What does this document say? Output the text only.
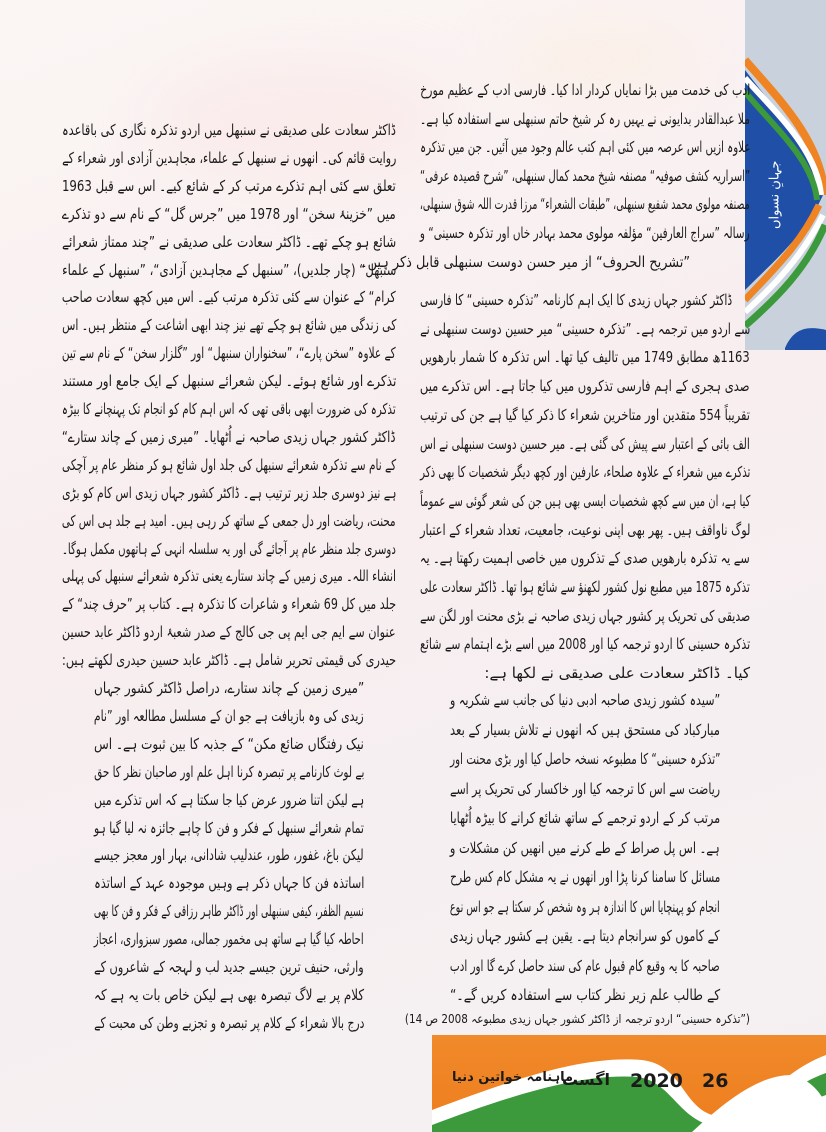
جہانِ نسواں
ادب کی خدمت میں بڑا نمایاں کردار ادا کیا۔ فارسی ادب کے عظیم مورخ
ملا عبدالقادر بدایونی نے یہیں رہ کر شیخ حاتم سنبھلی سے استفادہ کیا ہے۔
علاوہ ازیں اس عرصہ میں کئی اہم کتب عالم وجود میں آئیں۔ جن میں تذکرہ
”اسراریہ کشف صوفیہ“ مصنفہ شیخ محمد کمال سنبھلی، ”شرح قصیدہ عرفی“
مصنفہ مولوی محمد شفیع سنبھلی، ”طبقات الشعراء“ مرزا قدرت اللہ شوق سنبھلی،
رسالہ ”سراج العارفین“ مؤلفہ مولوی محمد بہادر خاں اور تذکرہ حسینی“ و
”تشریح الحروف“ از میر حسن دوست سنبھلی قابل ذکر ہیں۔
ڈاکٹر کشور جہاں زیدی کا ایک اہم کارنامہ ”تذکرہ حسینی“ کا فارسی
سے اردو میں ترجمہ ہے۔ ”تذکرہ حسینی“ میر حسین دوست سنبھلی نے
1163ھ مطابق 1749 میں تالیف کیا تھا۔ اس تذکرہ کا شمار بارھویں
صدی ہجری کے اہم فارسی تذکروں میں کیا جاتا ہے۔ اس تذکرے میں
تقریباً 554 متقدین اور متاخرین شعراء کا ذکر کیا گیا ہے جن کی ترتیب
الف بائی کے اعتبار سے پیش کی گئی ہے۔ میر حسین دوست سنبھلی نے اس
تذکرے میں شعراء کے علاوہ صلحاء، عارفین اور کچھ دیگر شخصیات کا بھی ذکر
کیا ہے، ان میں سے کچھ شخصیات ایسی بھی ہیں جن کی شعر گوئی سے عموماً
لوگ ناواقف ہیں۔ پھر بھی اپنی نوعیت، جامعیت، تعداد شعراء کے اعتبار
سے یہ تذکرہ بارھویں صدی کے تذکروں میں خاصی اہمیت رکھتا ہے۔ یہ
تذکرہ 1875 میں مطبع نول کشور لکھنؤ سے شائع ہوا تھا۔ ڈاکٹر سعادت علی
صدیقی کی تحریک پر کشور جہاں زیدی صاحبہ نے بڑی محنت اور لگن سے
تذکرہ حسینی کا اردو ترجمہ کیا اور 2008 میں اسے بڑے اہتمام سے شائع
کیا۔ ڈاکٹر سعادت علی صدیقی نے لکھا ہے:
”سیدہ کشور زیدی صاحبہ ادبی دنیا کی جانب سے شکریہ و
مبارکباد کی مستحق ہیں کہ انھوں نے تلاش بسیار کے بعد
”تذکرہ حسینی“ کا مطبوعہ نسخہ حاصل کیا اور بڑی محنت اور
ریاضت سے اس کا ترجمہ کیا اور خاکسار کی تحریک پر اسے
مرتب کر کے اردو ترجمے کے ساتھ شائع کرانے کا بیڑہ اُٹھایا
ہے۔ اس پل صراط کے طے کرنے میں انھیں کن مشکلات و
مسائل کا سامنا کرنا پڑا اور انھوں نے یہ مشکل کام کس طرح
انجام کو پہنچایا اس کا اندازہ ہر وہ شخص کر سکتا ہے جو اس نوع
کے کاموں کو سرانجام دیتا ہے۔ یقین ہے کشور جہاں زیدی
صاحبہ کا یہ وقیع کام قبول عام کی سند حاصل کرے گا اور ادب
کے طالب علم زیر نظر کتاب سے استفادہ کریں گے۔“
ڈاکٹر سعادت علی صدیقی نے سنبھل میں اردو تذکرہ نگاری کی باقاعدہ
روایت قائم کی۔ انھوں نے سنبھل کے علماء، مجاہدین آزادی اور شعراء کے
تعلق سے کئی اہم تذکرے مرتب کر کے شائع کیے۔ اس سے قبل 1963
میں ”خزینۂ سخن“ اور 1978 میں ”جرس گل“ کے نام سے دو تذکرے
شائع ہو چکے تھے۔ ڈاکٹر سعادت علی صدیقی نے ”چند ممتاز شعرائے
سنبھل“ (چار جلدیں)، ”سنبھل کے مجاہدین آزادی“، ”سنبھل کے علماء
کرام“ کے عنوان سے کئی تذکرہ مرتب کیے۔ اس میں کچھ سعادت صاحب
کی زندگی میں شائع ہو چکے تھے نیز چند ابھی اشاعت کے منتظر ہیں۔ اس
کے علاوہ ”سخن پارے“، ”سخنواران سنبھل“ اور ”گلزار سخن“ کے نام سے تین
تذکرے اور شائع ہوئے۔ لیکن شعرائے سنبھل کے ایک جامع اور مستند
تذکرہ کی ضرورت ابھی باقی تھی کہ اس اہم کام کو انجام تک پہنچانے کا بیڑہ
ڈاکٹر کشور جہاں زیدی صاحبہ نے اُٹھایا۔ ”میری زمیں کے چاند ستارے“
کے نام سے تذکرہ شعرائے سنبھل کی جلد اول شائع ہو کر منظر عام پر آچکی
ہے نیز دوسری جلد زیر ترتیب ہے۔ ڈاکٹر کشور جہاں زیدی اس کام کو بڑی
محنت، ریاضت اور دل جمعی کے ساتھ کر رہی ہیں۔ امید ہے جلد ہی اس کی
دوسری جلد منظر عام پر آجائے گی اور یہ سلسلہ انہی کے ہاتھوں مکمل ہوگا۔
انشاء اللہ۔ میری زمیں کے چاند ستارے یعنی تذکرہ شعرائے سنبھل کی پہلی
جلد میں کل 69 شعراء و شاعرات کا تذکرہ ہے۔ کتاب پر ”حرف چند“ کے
عنوان سے ایم جی ایم پی جی کالج کے صدر شعبۂ اردو ڈاکٹر عابد حسین
حیدری کی قیمتی تحریر شامل ہے۔ ڈاکٹر عابد حسین حیدری لکھتے ہیں:
”میری زمین کے چاند ستارے، دراصل ڈاکٹر کشور جہاں
زیدی کی وہ بازیافت ہے جو ان کے مسلسل مطالعہ اور ”نام
نیک رفتگاں ضائع مکن“ کے جذبہ کا بین ثبوت ہے۔ اس
بے لوث کارنامے پر تبصرہ کرنا اہل علم اور صاحبان نظر کا حق
ہے لیکن اتنا ضرور عرض کیا جا سکتا ہے کہ اس تذکرے میں
تمام شعرائے سنبھل کے فکر و فن کا چاہے جائزہ نہ لیا گیا ہو
لیکن باغ، غفور، طور، عندلیب شادانی، بہار اور معجز جیسے
اساتذہ فن کا جہاں ذکر ہے وہیں موجودہ عہد کے اساتذہ
نسیم الظفر، کیفی سنبھلی اور ڈاکٹر طاہر رزاقی کے فکر و فن کا بھی
احاطہ کیا گیا ہے ساتھ ہی مخمور جمالی، مصور سبزواری، اعجاز
وارثی، حنیف ترین جیسے جدید لب و لہجہ کے شاعروں کے
کلام پر بے لاگ تبصرہ بھی ہے لیکن خاص بات یہ ہے کہ
درج بالا شعراء کے کلام پر تبصرہ و تجزیے وطن کی محبت کے	(”تذکرہ حسینی“ اردو ترجمہ از ڈاکٹر کشور جہاں زیدی مطبوعہ 2008 ص 14)
26
2020
اگست
ماہنامہ خواتین دنیا
